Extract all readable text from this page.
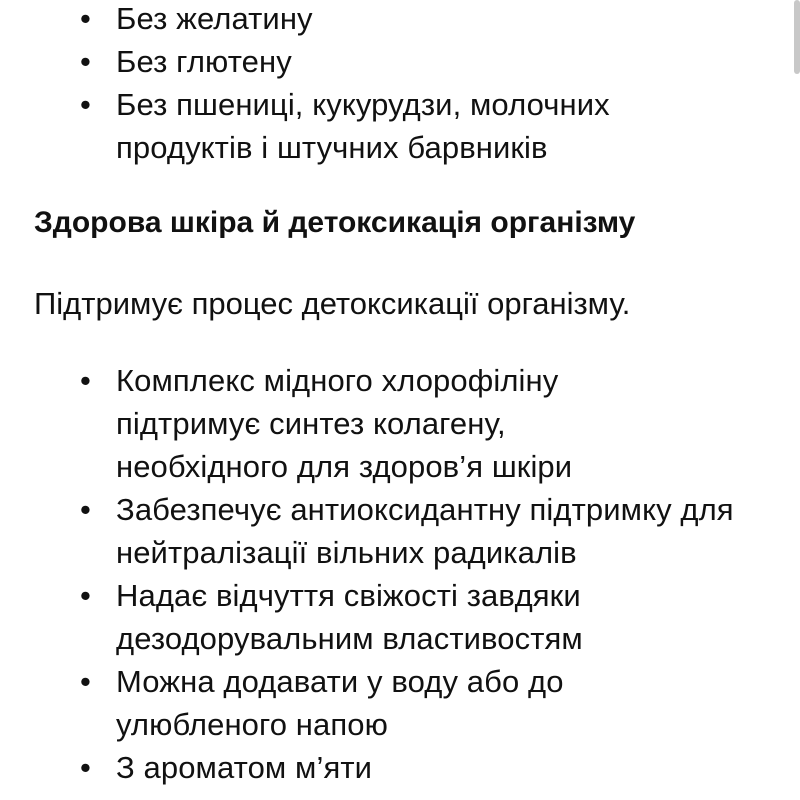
• Без желатину
• Без глютену
• Без пшениці, кукурудзи, молочних продуктів і штучних барвників
Здорова шкіра й детоксикація організму
Підтримує процес детоксикації організму.
• Комплекс мідного хлорофіліну підтримує синтез колагену, необхідного для здоров’я шкіри
• Забезпечує антиоксидантну підтримку для нейтралізації вільних радикалів
• Надає відчуття свіжості завдяки дезодорувальним властивостям
• Можна додавати у воду або до улюбленого напою
• З ароматом м’яти
